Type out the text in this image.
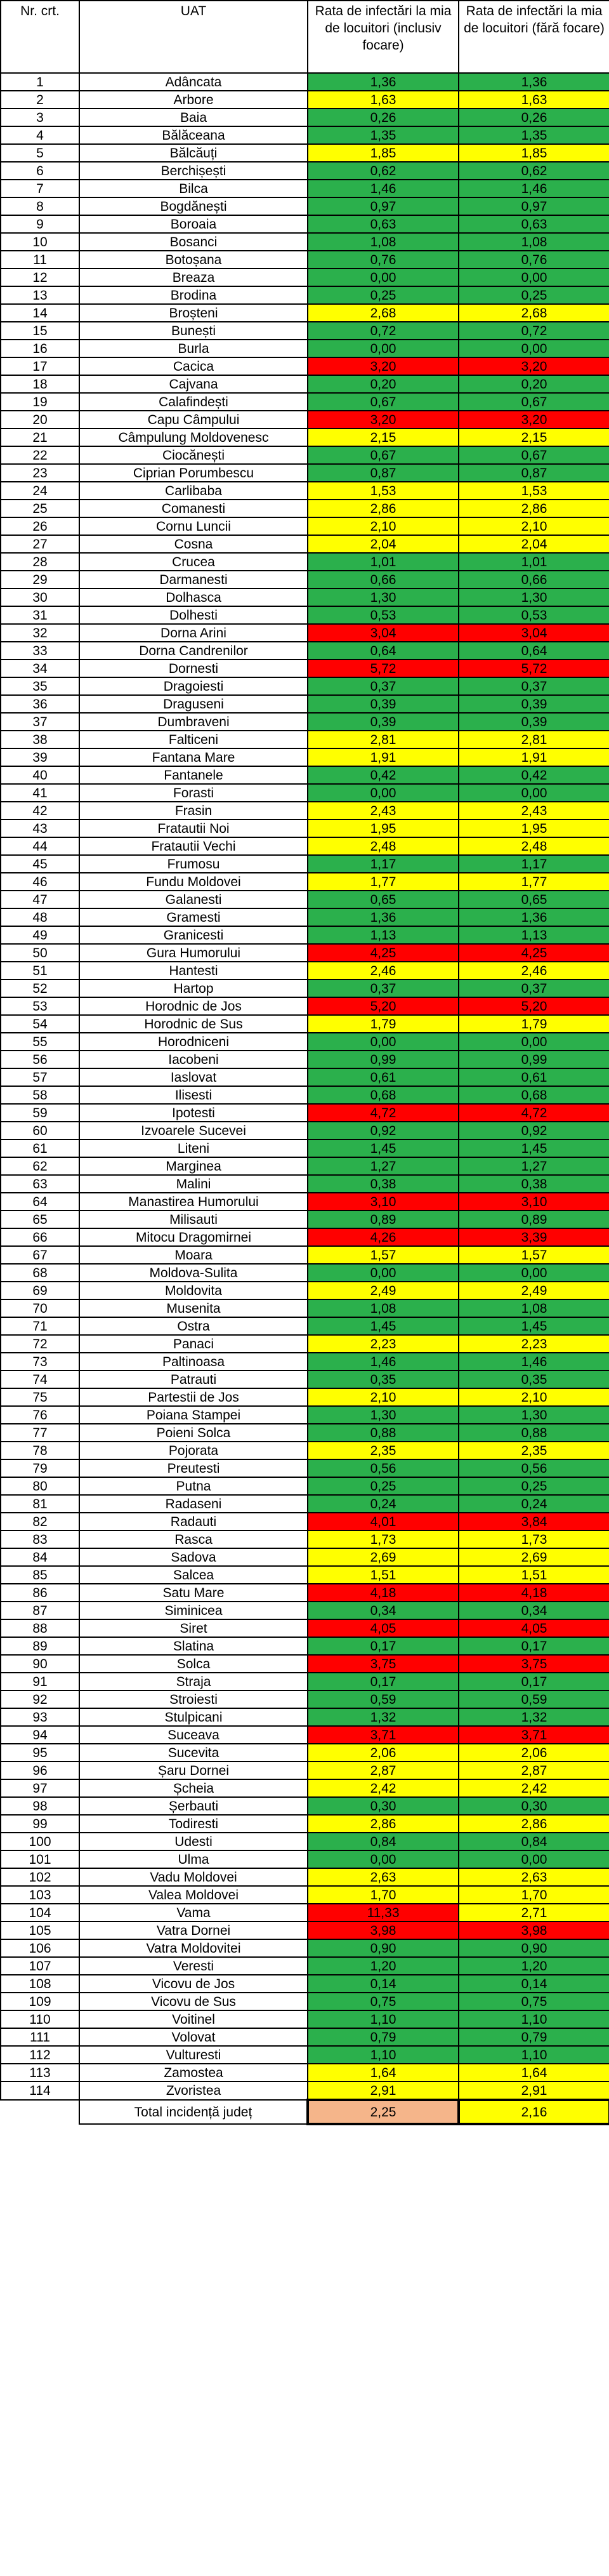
Nr. crt.	UAT	Rata de infectări la mia de locuitori (inclusiv focare)	Rata de infectări la mia de locuitori (fără focare)
1	Adâncata	1,36	1,36
2	Arbore	1,63	1,63
3	Baia	0,26	0,26
4	Bălăceana	1,35	1,35
5	Bălcăuți	1,85	1,85
6	Berchișești	0,62	0,62
7	Bilca	1,46	1,46
8	Bogdănești	0,97	0,97
9	Boroaia	0,63	0,63
10	Bosanci	1,08	1,08
11	Botoșana	0,76	0,76
12	Breaza	0,00	0,00
13	Brodina	0,25	0,25
14	Broșteni	2,68	2,68
15	Bunești	0,72	0,72
16	Burla	0,00	0,00
17	Cacica	3,20	3,20
18	Cajvana	0,20	0,20
19	Calafindești	0,67	0,67
20	Capu Câmpului	3,20	3,20
21	Câmpulung Moldovenesc	2,15	2,15
22	Ciocănești	0,67	0,67
23	Ciprian Porumbescu	0,87	0,87
24	Carlibaba	1,53	1,53
25	Comanesti	2,86	2,86
26	Cornu Luncii	2,10	2,10
27	Cosna	2,04	2,04
28	Crucea	1,01	1,01
29	Darmanesti	0,66	0,66
30	Dolhasca	1,30	1,30
31	Dolhesti	0,53	0,53
32	Dorna Arini	3,04	3,04
33	Dorna Candrenilor	0,64	0,64
34	Dornesti	5,72	5,72
35	Dragoiesti	0,37	0,37
36	Draguseni	0,39	0,39
37	Dumbraveni	0,39	0,39
38	Falticeni	2,81	2,81
39	Fantana Mare	1,91	1,91
40	Fantanele	0,42	0,42
41	Forasti	0,00	0,00
42	Frasin	2,43	2,43
43	Fratautii Noi	1,95	1,95
44	Fratautii Vechi	2,48	2,48
45	Frumosu	1,17	1,17
46	Fundu Moldovei	1,77	1,77
47	Galanesti	0,65	0,65
48	Gramesti	1,36	1,36
49	Granicesti	1,13	1,13
50	Gura Humorului	4,25	4,25
51	Hantesti	2,46	2,46
52	Hartop	0,37	0,37
53	Horodnic de Jos	5,20	5,20
54	Horodnic de Sus	1,79	1,79
55	Horodniceni	0,00	0,00
56	Iacobeni	0,99	0,99
57	Iaslovat	0,61	0,61
58	Ilisesti	0,68	0,68
59	Ipotesti	4,72	4,72
60	Izvoarele Sucevei	0,92	0,92
61	Liteni	1,45	1,45
62	Marginea	1,27	1,27
63	Malini	0,38	0,38
64	Manastirea Humorului	3,10	3,10
65	Milisauti	0,89	0,89
66	Mitocu Dragomirnei	4,26	3,39
67	Moara	1,57	1,57
68	Moldova-Sulita	0,00	0,00
69	Moldovita	2,49	2,49
70	Musenita	1,08	1,08
71	Ostra	1,45	1,45
72	Panaci	2,23	2,23
73	Paltinoasa	1,46	1,46
74	Patrauti	0,35	0,35
75	Partestii de Jos	2,10	2,10
76	Poiana Stampei	1,30	1,30
77	Poieni Solca	0,88	0,88
78	Pojorata	2,35	2,35
79	Preutesti	0,56	0,56
80	Putna	0,25	0,25
81	Radaseni	0,24	0,24
82	Radauti	4,01	3,84
83	Rasca	1,73	1,73
84	Sadova	2,69	2,69
85	Salcea	1,51	1,51
86	Satu Mare	4,18	4,18
87	Siminicea	0,34	0,34
88	Siret	4,05	4,05
89	Slatina	0,17	0,17
90	Solca	3,75	3,75
91	Straja	0,17	0,17
92	Stroiesti	0,59	0,59
93	Stulpicani	1,32	1,32
94	Suceava	3,71	3,71
95	Sucevita	2,06	2,06
96	Șaru Dornei	2,87	2,87
97	Șcheia	2,42	2,42
98	Șerbauti	0,30	0,30
99	Todiresti	2,86	2,86
100	Udesti	0,84	0,84
101	Ulma	0,00	0,00
102	Vadu Moldovei	2,63	2,63
103	Valea Moldovei	1,70	1,70
104	Vama	11,33	2,71
105	Vatra Dornei	3,98	3,98
106	Vatra Moldovitei	0,90	0,90
107	Veresti	1,20	1,20
108	Vicovu de Jos	0,14	0,14
109	Vicovu de Sus	0,75	0,75
110	Voitinel	1,10	1,10
111	Volovat	0,79	0,79
112	Vulturesti	1,10	1,10
113	Zamostea	1,64	1,64
114	Zvoristea	2,91	2,91
	Total incidență județ	2,25	2,16
